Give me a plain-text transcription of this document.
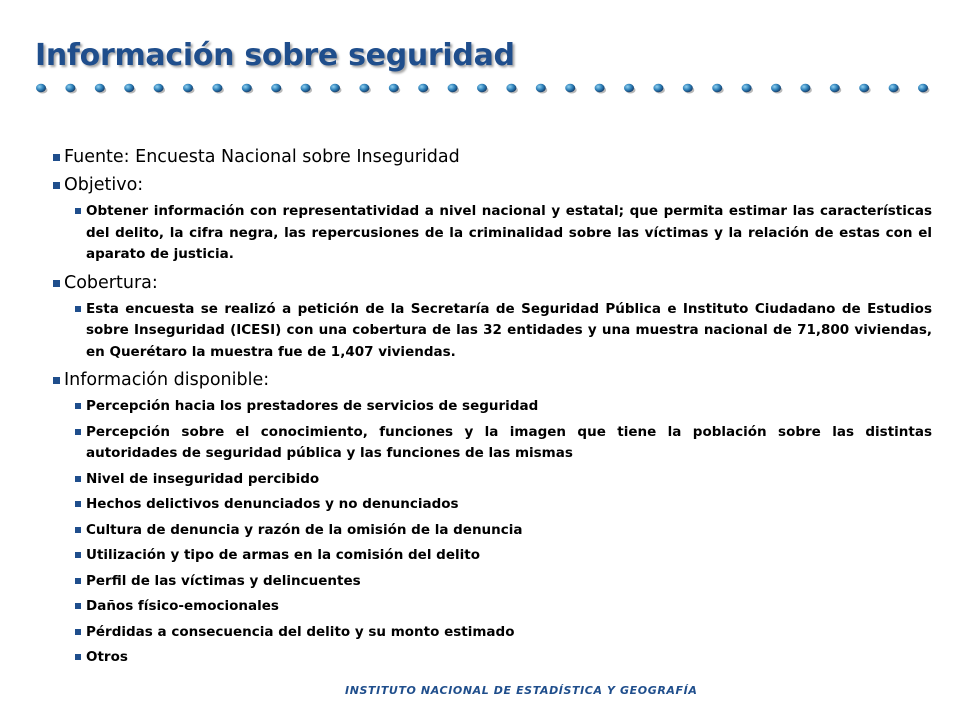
Información sobre seguridad
Fuente: Encuesta Nacional sobre Inseguridad
Objetivo:
Obtener información con representatividad a nivel nacional y estatal; que permita estimar las características del delito, la cifra negra, las repercusiones de la criminalidad sobre las víctimas y la relación de estas con el aparato de justicia.
Cobertura:
Esta encuesta se realizó a petición de la Secretaría de Seguridad Pública e Instituto Ciudadano de Estudios sobre Inseguridad (ICESI) con una cobertura de las 32 entidades y una muestra nacional de 71,800 viviendas, en Querétaro la muestra fue de 1,407 viviendas.
Información disponible:
Percepción hacia los prestadores de servicios de seguridad
Percepción sobre el conocimiento, funciones y la imagen que tiene la población sobre las distintas autoridades de seguridad pública y las funciones de las mismas
Nivel de inseguridad percibido
Hechos delictivos denunciados y no denunciados
Cultura de denuncia y razón de la omisión de la denuncia
Utilización y tipo de armas en la comisión del delito
Perfil de las víctimas y delincuentes
Daños físico-emocionales
Pérdidas a consecuencia del delito y su monto estimado
Otros
INSTITUTO NACIONAL DE ESTADÍSTICA Y GEOGRAFÍA
